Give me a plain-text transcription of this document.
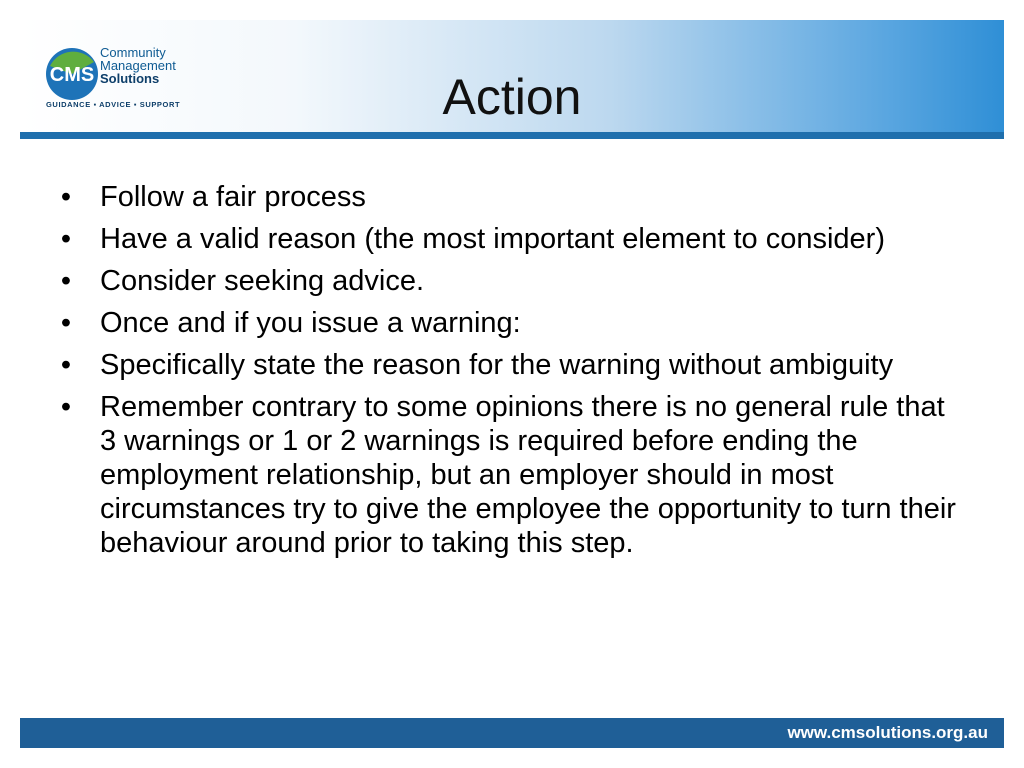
CMS
Community
Management
Solutions
GUIDANCE ▪ ADVICE ▪ SUPPORT	Action
• Follow a fair process
• Have a valid reason (the most important element to consider)
• Consider seeking advice.
• Once and if you issue a warning:
• Specifically state the reason for the warning without ambiguity
• Remember contrary to some opinions there is no general rule that 3 warnings or 1 or 2 warnings is required before ending the employment relationship, but an employer should in most circumstances try to give the employee the opportunity to turn their behaviour around prior to taking this step.
www.cmsolutions.org.au
